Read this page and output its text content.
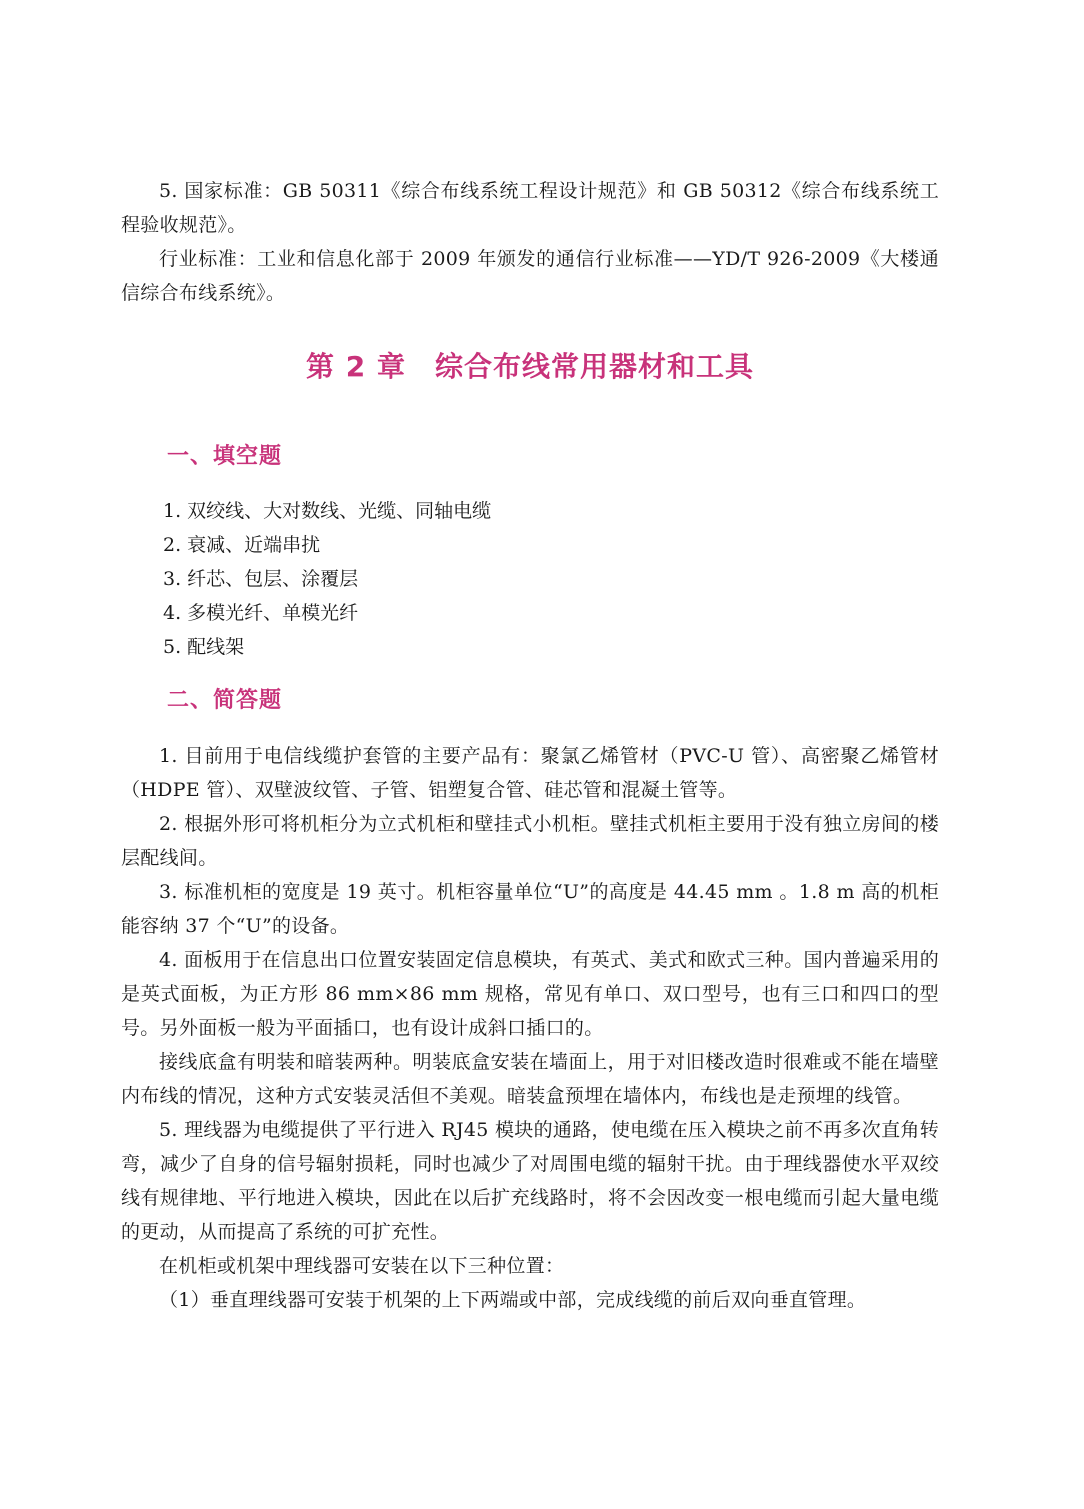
5. 国家标准：GB 50311《综合布线系统工程设计规范》和 GB 50312《综合布线系统工程验收规范》。

行业标准：工业和信息化部于 2009 年颁发的通信行业标准——YD/T 926-2009《大楼通信综合布线系统》。

第 2 章　综合布线常用器材和工具
一、填空题

1. 双绞线、大对数线、光缆、同轴电缆

2. 衰减、近端串扰

3. 纤芯、包层、涂覆层

4. 多模光纤、单模光纤

5. 配线架

二、简答题

1. 目前用于电信线缆护套管的主要产品有：聚氯乙烯管材（PVC-U 管）、高密聚乙烯管材（HDPE 管）、双壁波纹管、子管、铝塑复合管、硅芯管和混凝土管等。

2. 根据外形可将机柜分为立式机柜和壁挂式小机柜。壁挂式机柜主要用于没有独立房间的楼层配线间。

3. 标准机柜的宽度是 19 英寸。机柜容量单位“U”的高度是 44.45 mm 。1.8 m 高的机柜能容纳 37 个“U”的设备。

4. 面板用于在信息出口位置安装固定信息模块，有英式、美式和欧式三种。国内普遍采用的是英式面板，为正方形 86 mm×86 mm 规格，常见有单口、双口型号，也有三口和四口的型号。另外面板一般为平面插口，也有设计成斜口插口的。

接线底盒有明装和暗装两种。明装底盒安装在墙面上，用于对旧楼改造时很难或不能在墙壁内布线的情况，这种方式安装灵活但不美观。暗装盒预埋在墙体内，布线也是走预埋的线管。

5. 理线器为电缆提供了平行进入 RJ45 模块的通路，使电缆在压入模块之前不再多次直角转弯，减少了自身的信号辐射损耗，同时也减少了对周围电缆的辐射干扰。由于理线器使水平双绞线有规律地、平行地进入模块，因此在以后扩充线路时，将不会因改变一根电缆而引起大量电缆的更动，从而提高了系统的可扩充性。

在机柜或机架中理线器可安装在以下三种位置：

（1）垂直理线器可安装于机架的上下两端或中部，完成线缆的前后双向垂直管理。
